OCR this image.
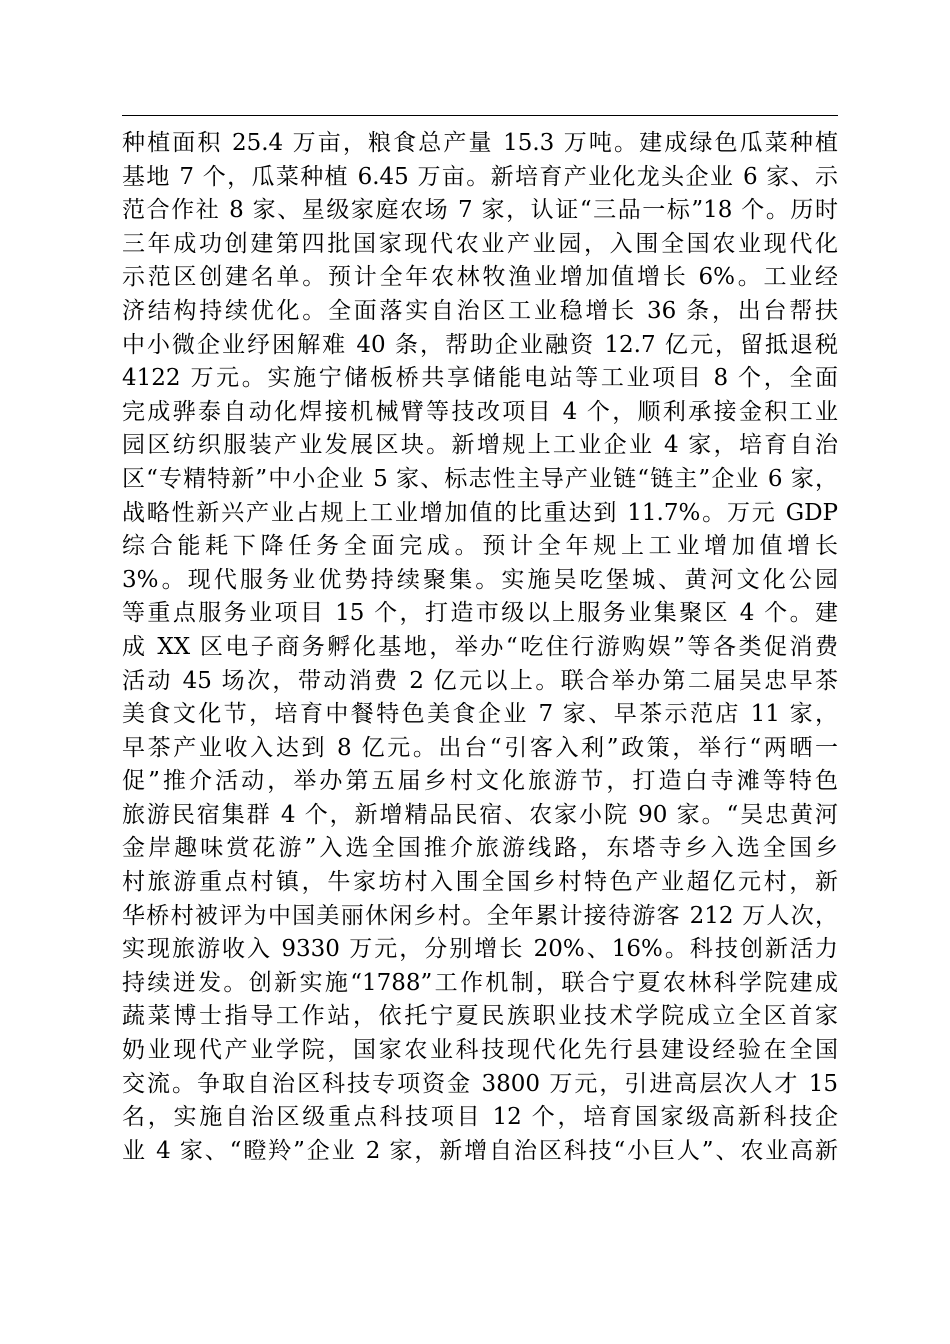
种植面积 25.4 万亩，粮食总产量 15.3 万吨。建成绿色瓜菜种植
基地 7 个，瓜菜种植 6.45 万亩。新培育产业化龙头企业 6 家、示
范合作社 8 家、星级家庭农场 7 家，认证“三品一标”18 个。历时
三年成功创建第四批国家现代农业产业园，入围全国农业现代化
示范区创建名单。预计全年农林牧渔业增加值增长 6%。工业经
济结构持续优化。全面落实自治区工业稳增长 36 条，出台帮扶
中小微企业纾困解难 40 条，帮助企业融资 12.7 亿元，留抵退税
4122 万元。实施宁储板桥共享储能电站等工业项目 8 个，全面
完成骅泰自动化焊接机械臂等技改项目 4 个，顺利承接金积工业
园区纺织服装产业发展区块。新增规上工业企业 4 家，培育自治
区“专精特新”中小企业 5 家、标志性主导产业链“链主”企业 6 家，
战略性新兴产业占规上工业增加值的比重达到 11.7%。万元 GDP
综合能耗下降任务全面完成。预计全年规上工业增加值增长
3%。现代服务业优势持续聚集。实施吴吃堡城、黄河文化公园
等重点服务业项目 15 个，打造市级以上服务业集聚区 4 个。建
成 XX 区电子商务孵化基地，举办“吃住行游购娱”等各类促消费
活动 45 场次，带动消费 2 亿元以上。联合举办第二届吴忠早茶
美食文化节，培育中餐特色美食企业 7 家、早茶示范店 11 家，
早茶产业收入达到 8 亿元。出台“引客入利”政策，举行“两晒一
促”推介活动，举办第五届乡村文化旅游节，打造白寺滩等特色
旅游民宿集群 4 个，新增精品民宿、农家小院 90 家。“吴忠黄河
金岸趣味赏花游”入选全国推介旅游线路，东塔寺乡入选全国乡
村旅游重点村镇，牛家坊村入围全国乡村特色产业超亿元村，新
华桥村被评为中国美丽休闲乡村。全年累计接待游客 212 万人次，
实现旅游收入 9330 万元，分别增长 20%、16%。科技创新活力
持续迸发。创新实施“1788”工作机制，联合宁夏农林科学院建成
蔬菜博士指导工作站，依托宁夏民族职业技术学院成立全区首家
奶业现代产业学院，国家农业科技现代化先行县建设经验在全国
交流。争取自治区科技专项资金 3800 万元，引进高层次人才 15
名，实施自治区级重点科技项目 12 个，培育国家级高新科技企
业 4 家、“瞪羚”企业 2 家，新增自治区科技“小巨人”、农业高新
